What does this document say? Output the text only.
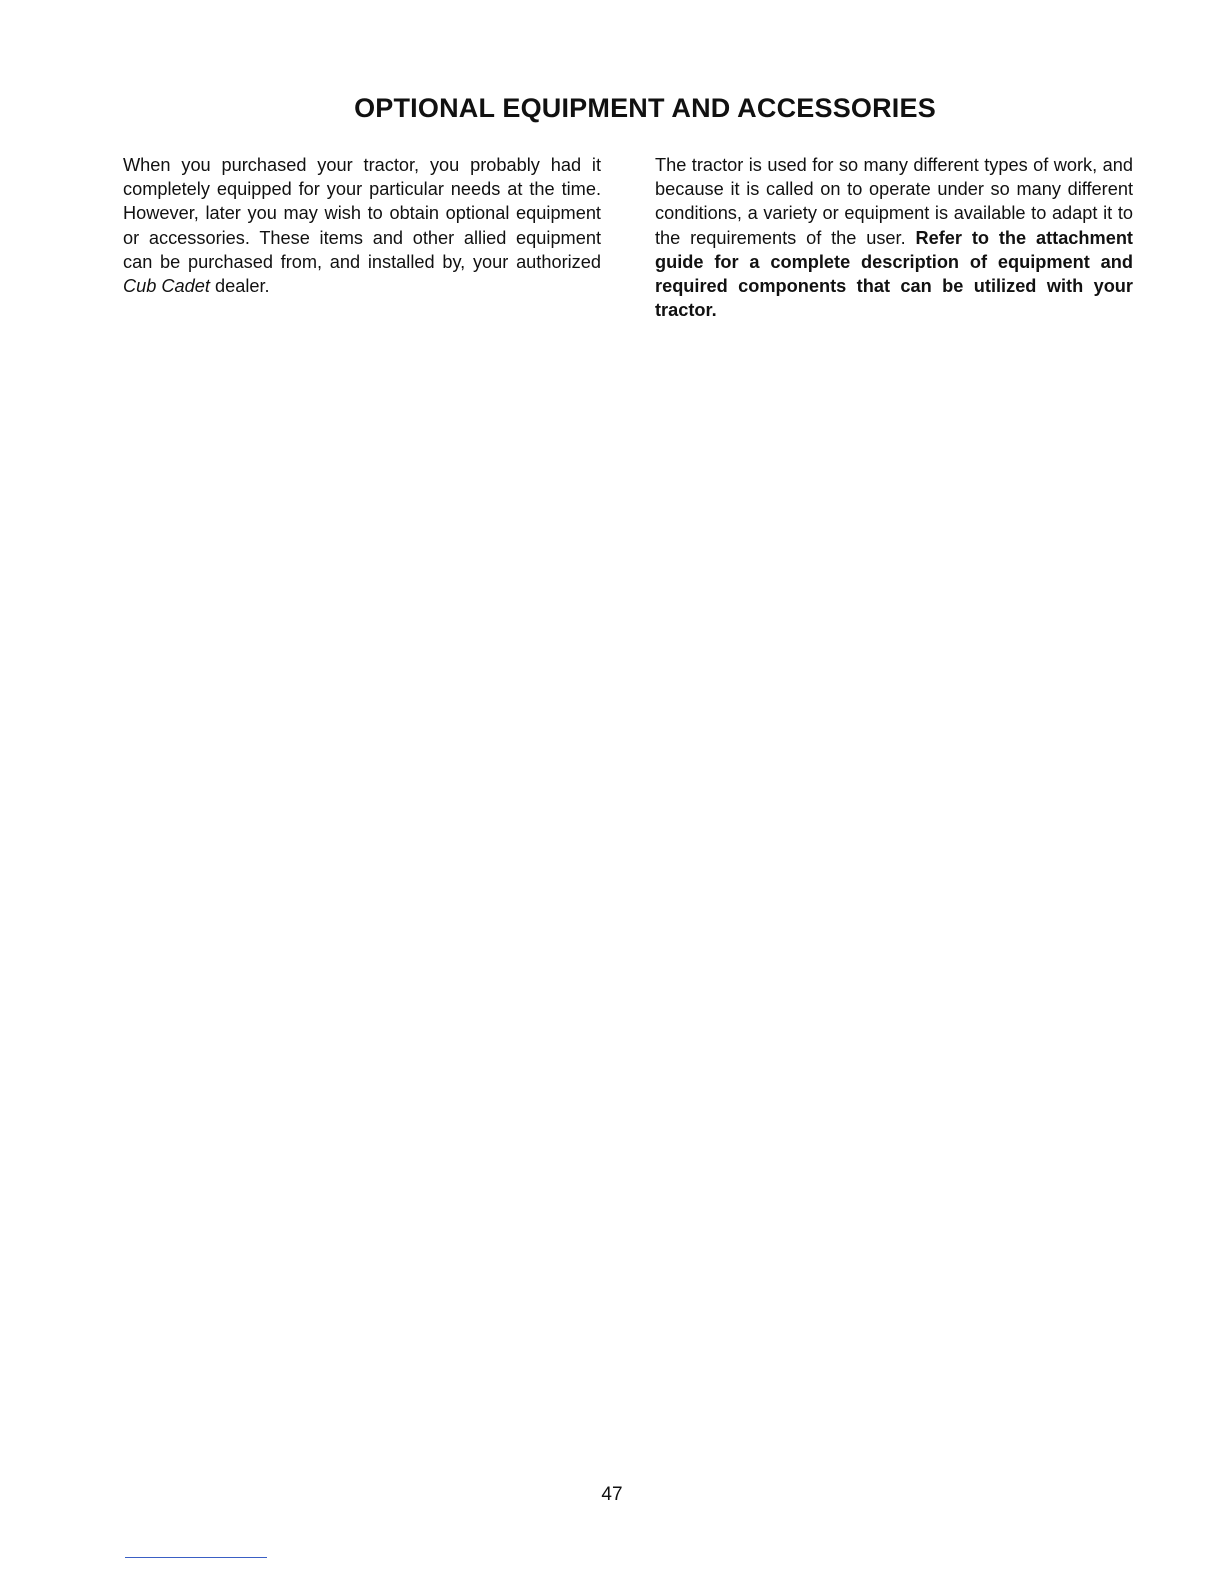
OPTIONAL EQUIPMENT AND ACCESSORIES

When you purchased your tractor, you probably had it completely equipped for your particular needs at the time. However, later you may wish to obtain optional equipment or accessories. These items and other allied equipment can be purchased from, and installed by, your authorized Cub Cadet dealer.

The tractor is used for so many different types of work, and because it is called on to operate under so many different conditions, a variety or equipment is available to adapt it to the requirements of the user. Refer to the attachment guide for a complete description of equipment and required components that can be utilized with your tractor.

47
